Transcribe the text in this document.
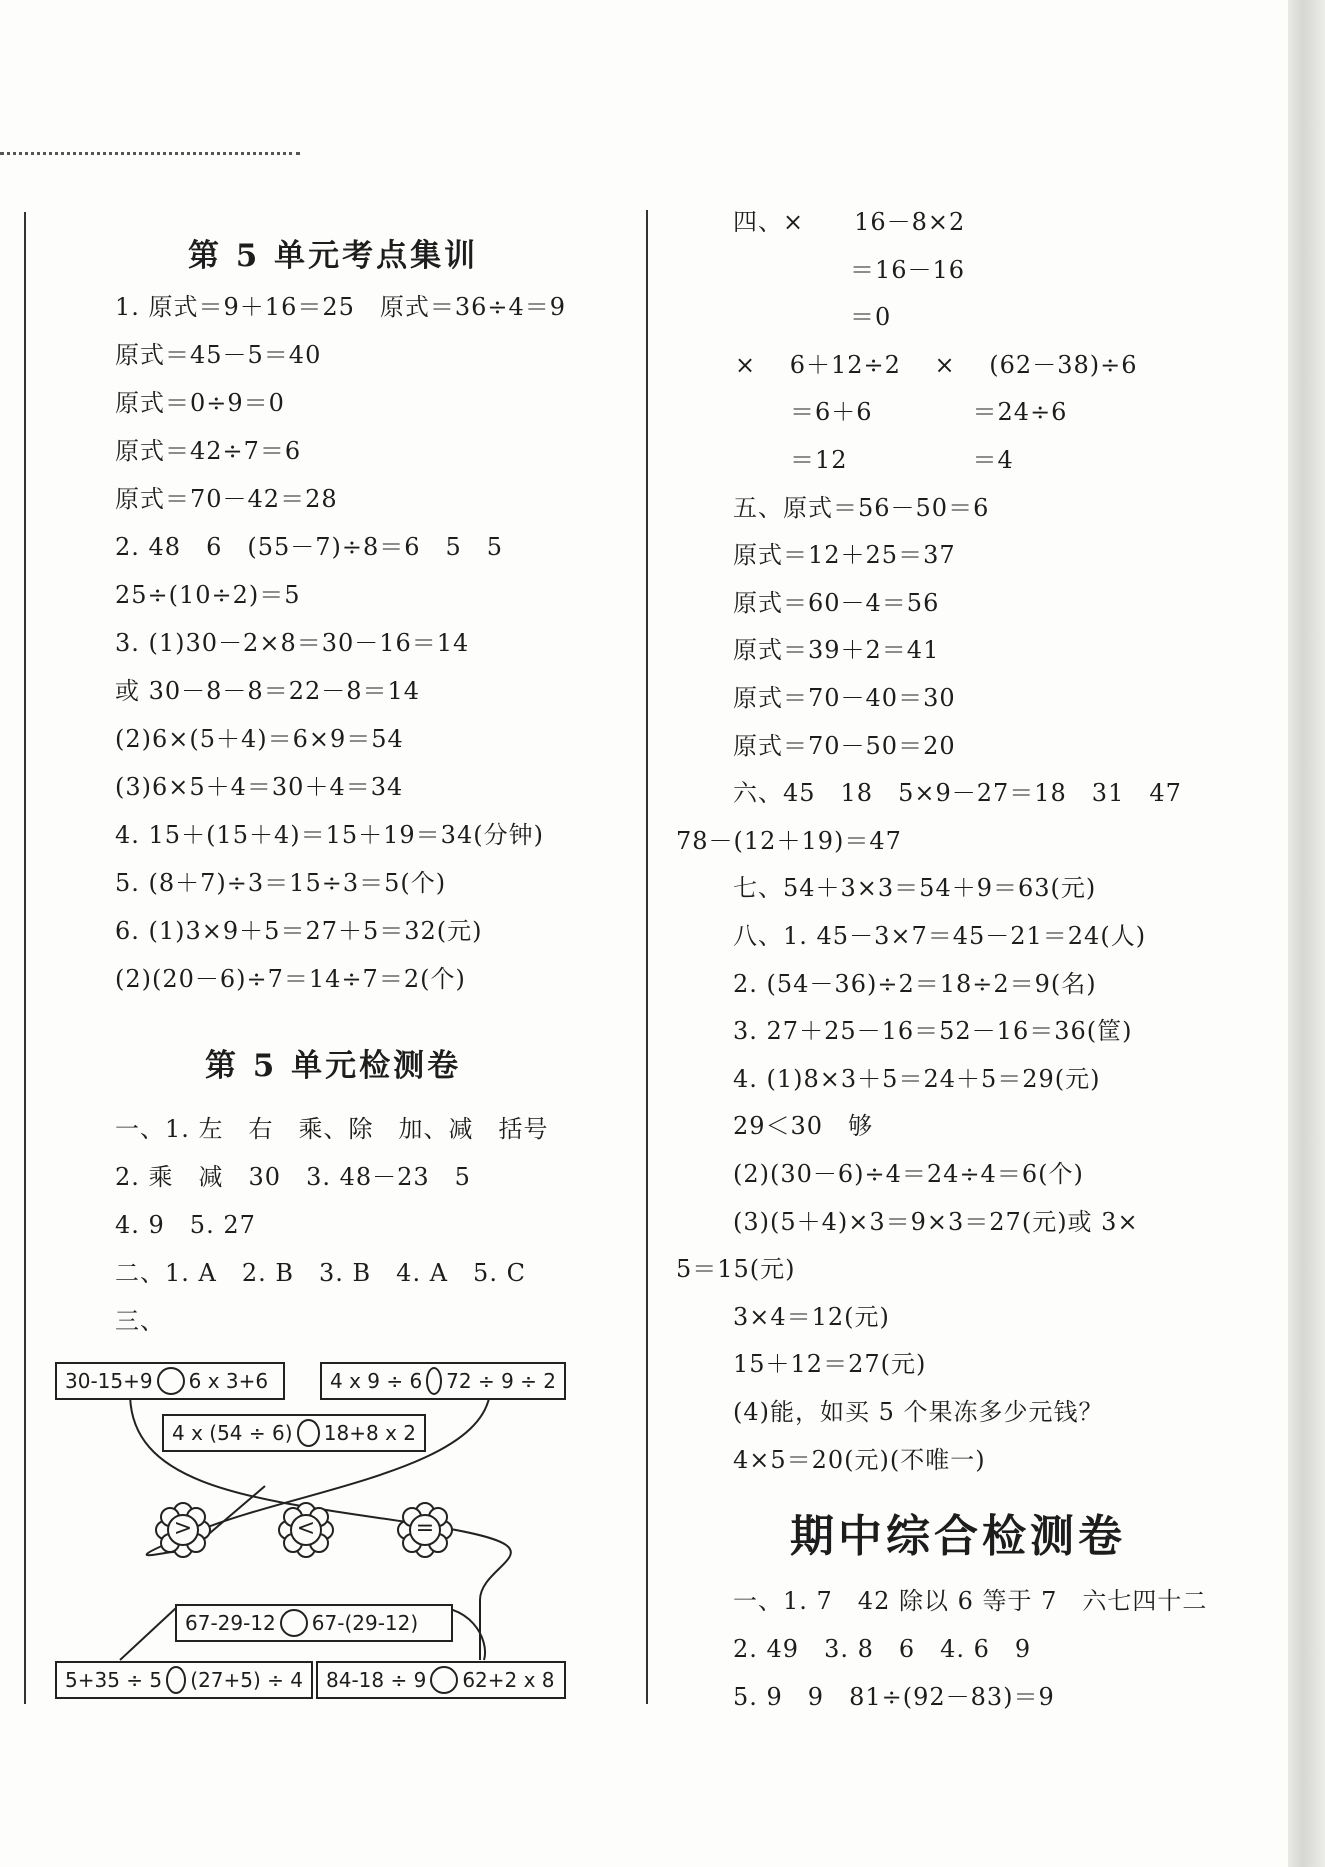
第 5 单元考点集训
1. 原式＝9＋16＝25　原式＝36÷4＝9
原式＝45－5＝40
原式＝0÷9＝0
原式＝42÷7＝6
原式＝70－42＝28
2. 48　6　(55－7)÷8＝6　5　5
25÷(10÷2)＝5
3. (1)30－2×8＝30－16＝14
或 30－8－8＝22－8＝14
(2)6×(5＋4)＝6×9＝54
(3)6×5＋4＝30＋4＝34
4. 15＋(15＋4)＝15＋19＝34(分钟)
5. (8＋7)÷3＝15÷3＝5(个)
6. (1)3×9＋5＝27＋5＝32(元)
(2)(20－6)÷7＝14÷7＝2(个)
第 5 单元检测卷
一、1. 左　右　乘、除　加、减　括号
2. 乘　减　30　3. 48－23　5
4. 9　5. 27
二、1. A　2. B　3. B　4. A　5. C
三、
30-15+9 6 x 3+6	4 x 9 ÷ 6 72 ÷ 9 ÷ 2
4 x (54 ÷ 6) 18+8 x 2
>	<	=
67-29-12 67-(29-12)
5+35 ÷ 5 (27+5) ÷ 4 84-18 ÷ 9 62+2 x 8
四、×　　16－8×2
＝16－16
＝0
×　 6＋12÷2　 ×　 (62－38)÷6
＝6＋6　　　　＝24÷6
＝12　　　　　＝4
五、原式＝56－50＝6
原式＝12＋25＝37
原式＝60－4＝56
原式＝39＋2＝41
原式＝70－40＝30
原式＝70－50＝20
六、45　18　5×9－27＝18　31　47
78－(12＋19)＝47
七、54＋3×3＝54＋9＝63(元)
八、1. 45－3×7＝45－21＝24(人)
2. (54－36)÷2＝18÷2＝9(名)
3. 27＋25－16＝52－16＝36(筐)
4. (1)8×3＋5＝24＋5＝29(元)
29＜30　够
(2)(30－6)÷4＝24÷4＝6(个)
(3)(5＋4)×3＝9×3＝27(元)或 3×
5＝15(元)
3×4＝12(元)
15＋12＝27(元)
(4)能，如买 5 个果冻多少元钱？
4×5＝20(元)(不唯一)
期中综合检测卷
一、1. 7　42 除以 6 等于 7　六七四十二
2. 49　3. 8　6　4. 6　9
5. 9　9　81÷(92－83)＝9
